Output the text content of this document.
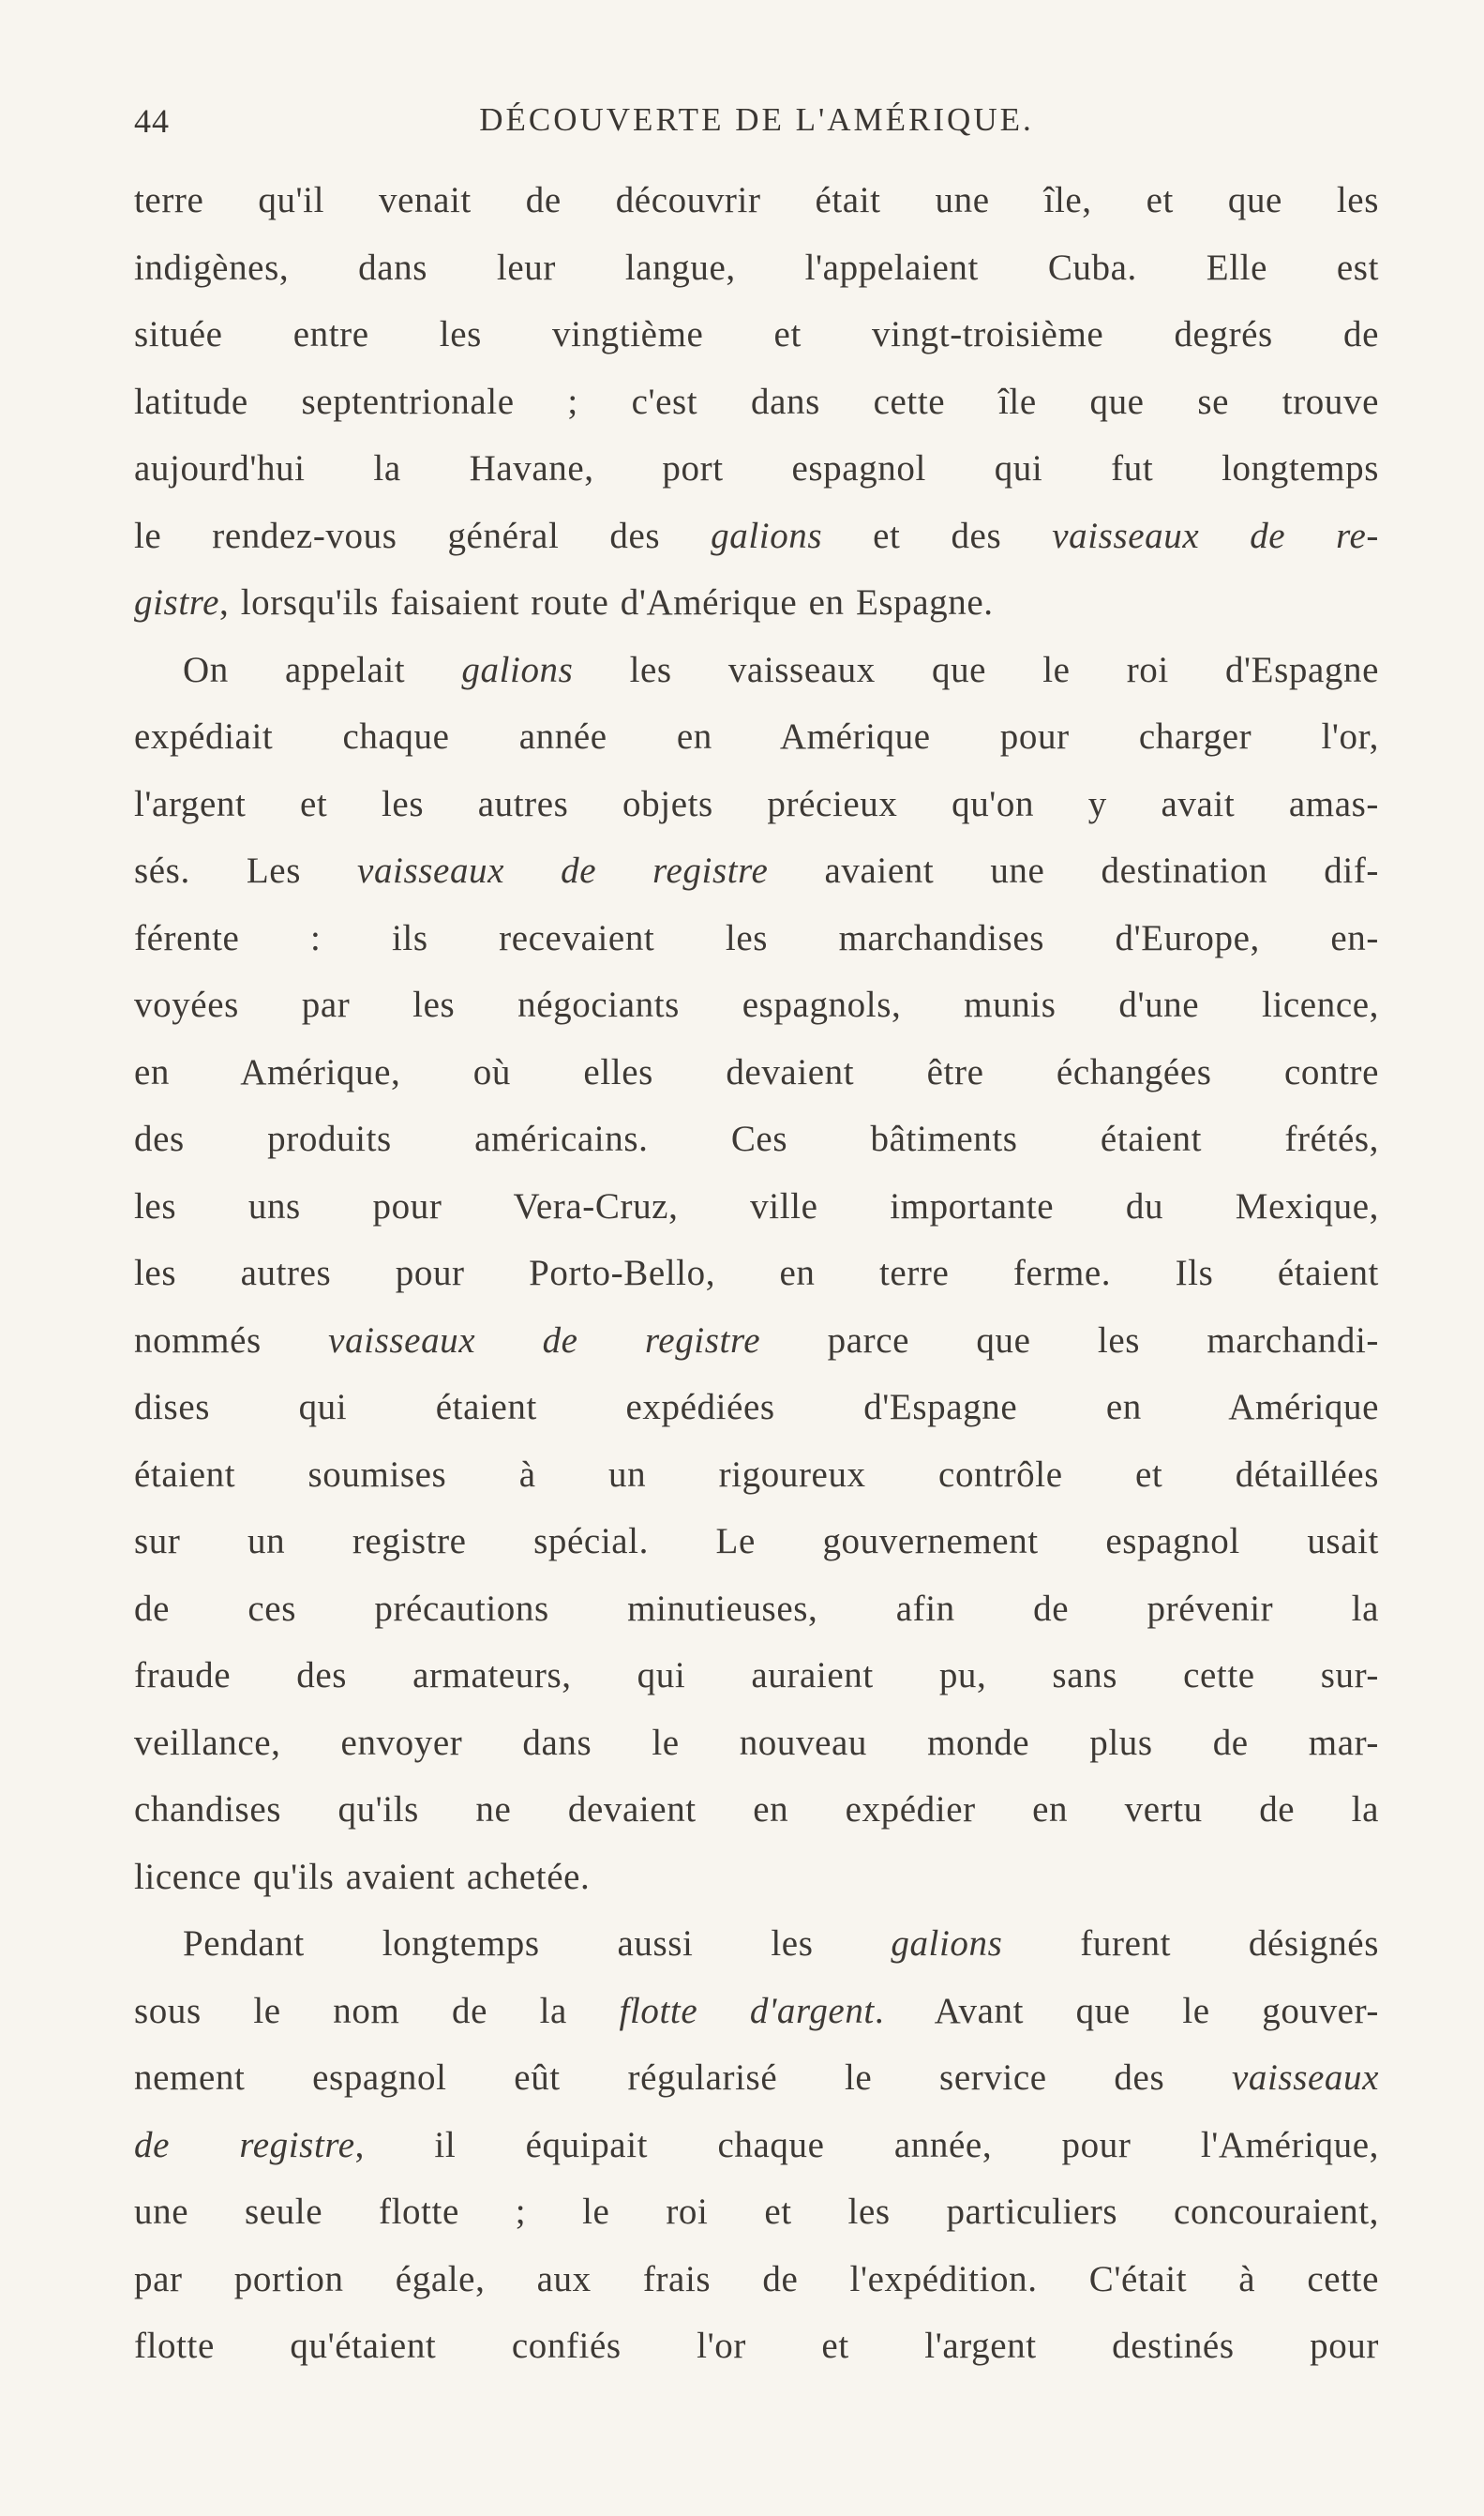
44	DÉCOUVERTE DE L'AMÉRIQUE.
terre qu'il venait de découvrir était une île, et que les
indigènes, dans leur langue, l'appelaient Cuba. Elle est
située entre les vingtième et vingt-troisième degrés de
latitude septentrionale ; c'est dans cette île que se trouve
aujourd'hui la Havane, port espagnol qui fut longtemps
le rendez-vous général des galions et des vaisseaux de re-
gistre, lorsqu'ils faisaient route d'Amérique en Espagne.
On appelait galions les vaisseaux que le roi d'Espagne
expédiait chaque année en Amérique pour charger l'or,
l'argent et les autres objets précieux qu'on y avait amas-
sés. Les vaisseaux de registre avaient une destination dif-
férente : ils recevaient les marchandises d'Europe, en-
voyées par les négociants espagnols, munis d'une licence,
en Amérique, où elles devaient être échangées contre
des produits américains. Ces bâtiments étaient frétés,
les uns pour Vera-Cruz, ville importante du Mexique,
les autres pour Porto-Bello, en terre ferme. Ils étaient
nommés vaisseaux de registre parce que les marchandi-
dises qui étaient expédiées d'Espagne en Amérique
étaient soumises à un rigoureux contrôle et détaillées
sur un registre spécial. Le gouvernement espagnol usait
de ces précautions minutieuses, afin de prévenir la
fraude des armateurs, qui auraient pu, sans cette sur-
veillance, envoyer dans le nouveau monde plus de mar-
chandises qu'ils ne devaient en expédier en vertu de la
licence qu'ils avaient achetée.
Pendant longtemps aussi les galions furent désignés
sous le nom de la flotte d'argent. Avant que le gouver-
nement espagnol eût régularisé le service des vaisseaux
de registre, il équipait chaque année, pour l'Amérique,
une seule flotte ; le roi et les particuliers concouraient,
par portion égale, aux frais de l'expédition. C'était à cette
flotte qu'étaient confiés l'or et l'argent destinés pour
